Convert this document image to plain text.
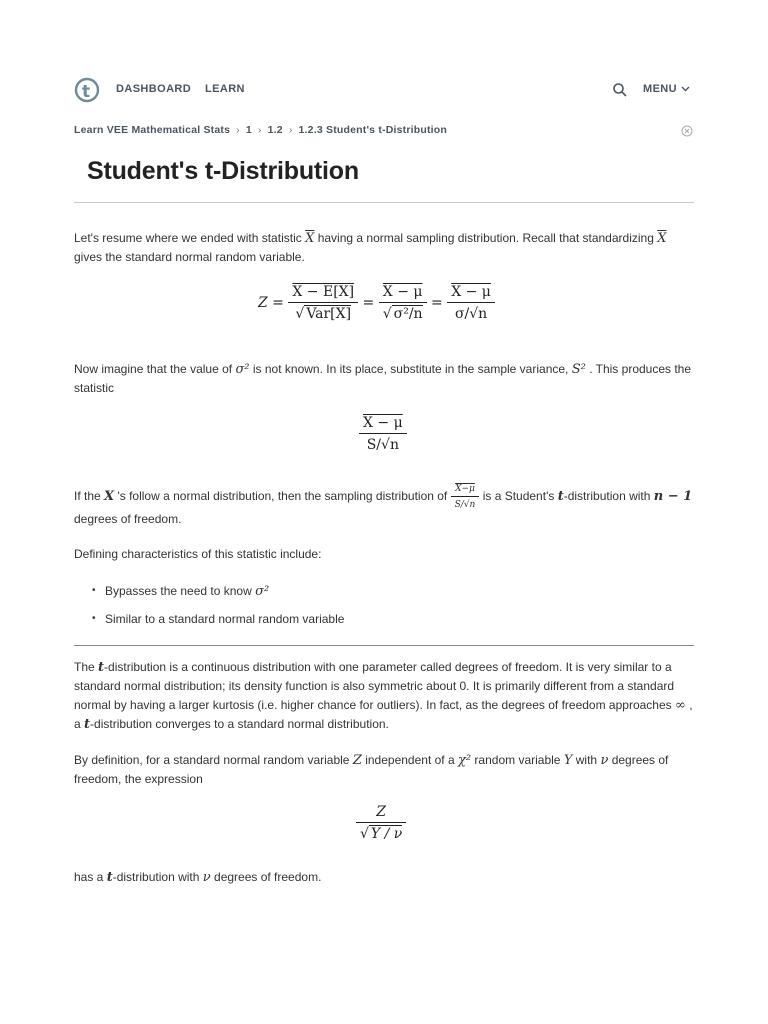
t DASHBOARD LEARN	MENU
Learn VEE Mathematical Stats › 1 › 1.2 › 1.2.3 Student's t-Distribution
Student's t-Distribution
Let's resume where we ended with statistic $\overline{X}$ having a normal sampling distribution. Recall that standardizing $\overline{X}$ gives the standard normal random variable.
$Z = \frac{X - E[X]}{\text{√ Var[X]}} = \frac{X - \mu}{\text{√ σ²/n}} = \frac{X - \mu}{\sigma/√n}$
Now imagine that the value of σ² is not known. In its place, substitute in the sample variance, S² . This produces the statistic
$\frac{X - \mu}{S/√n}$
If the X 's follow a normal distribution, then the sampling distribution of $\frac{X-\mu}{S/√n}$ is a Student's t-distribution with n − 1 degrees of freedom.
Defining characteristics of this statistic include:
• Bypasses the need to know σ²
• Similar to a standard normal random variable
The t-distribution is a continuous distribution with one parameter called degrees of freedom. It is very similar to a standard normal distribution; its density function is also symmetric about 0. It is primarily different from a standard normal by having a larger kurtosis (i.e. higher chance for outliers). In fact, as the degrees of freedom approaches ∞ , a t-distribution converges to a standard normal distribution.
By definition, for a standard normal random variable Z independent of a χ² random variable Y with ν degrees of freedom, the expression
$\frac{Z}{√ Y / \nu}$
has a t-distribution with ν degrees of freedom.
